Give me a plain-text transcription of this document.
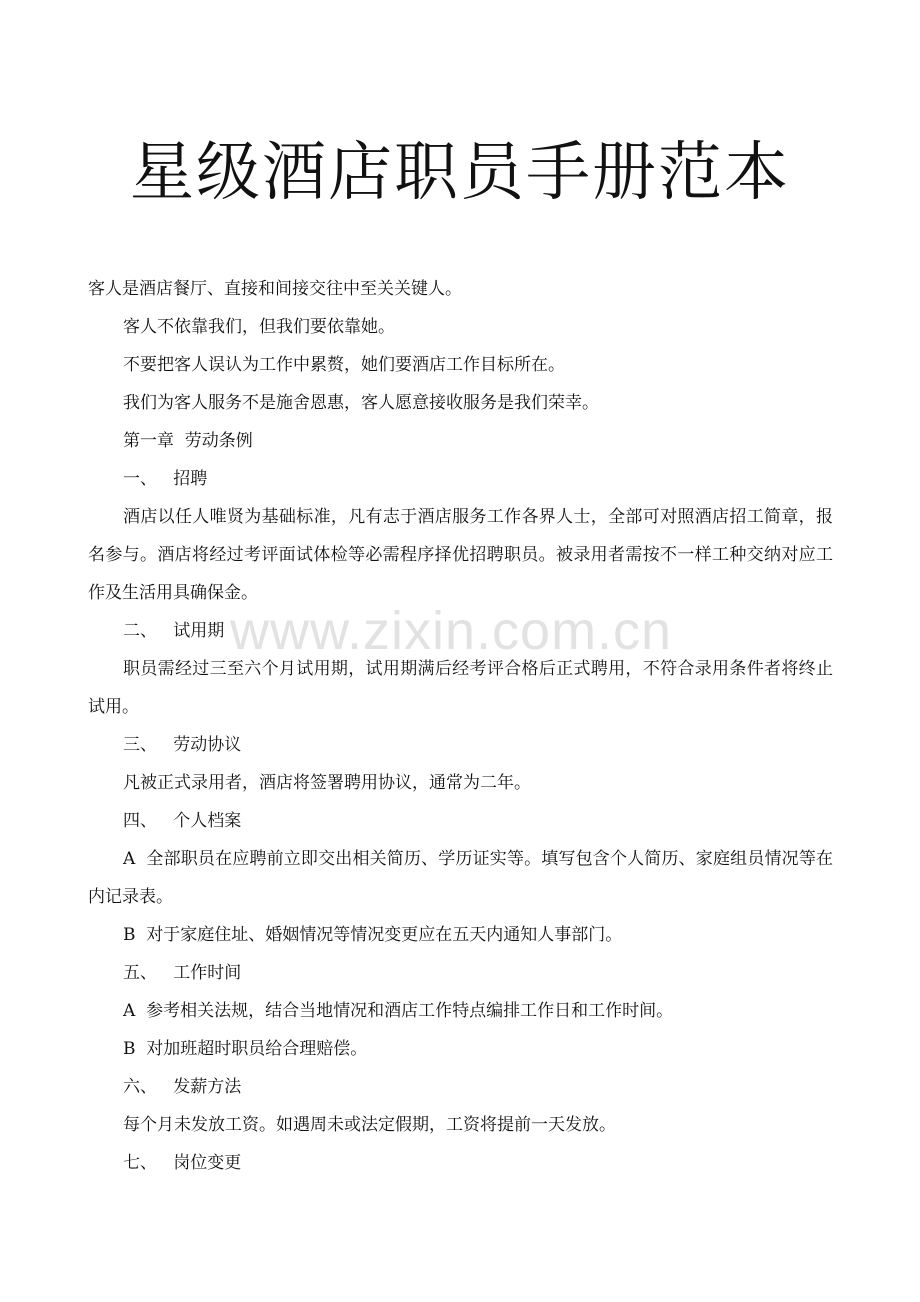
星级酒店职员手册范本
www.zixin.com.cn

客人是酒店餐厅、直接和间接交往中至关关键人。

客人不依靠我们，但我们要依靠她。

不要把客人误认为工作中累赘，她们要酒店工作目标所在。

我们为客人服务不是施舍恩惠，客人愿意接收服务是我们荣幸。

第一章  劳动条例

一、   招聘

酒店以任人唯贤为基础标准，凡有志于酒店服务工作各界人士，全部可对照酒店招工简章，报名参与。酒店将经过考评面试体检等必需程序择优招聘职员。被录用者需按不一样工种交纳对应工作及生活用具确保金。

二、   试用期

职员需经过三至六个月试用期，试用期满后经考评合格后正式聘用，不符合录用条件者将终止试用。

三、   劳动协议

凡被正式录用者，酒店将签署聘用协议，通常为二年。

四、   个人档案

A  全部职员在应聘前立即交出相关简历、学历证实等。填写包含个人简历、家庭组员情况等在内记录表。

B  对于家庭住址、婚姻情况等情况变更应在五天内通知人事部门。

五、   工作时间

A  参考相关法规，结合当地情况和酒店工作特点编排工作日和工作时间。

B  对加班超时职员给合理赔偿。

六、   发薪方法

每个月未发放工资。如遇周未或法定假期，工资将提前一天发放。

七、   岗位变更
